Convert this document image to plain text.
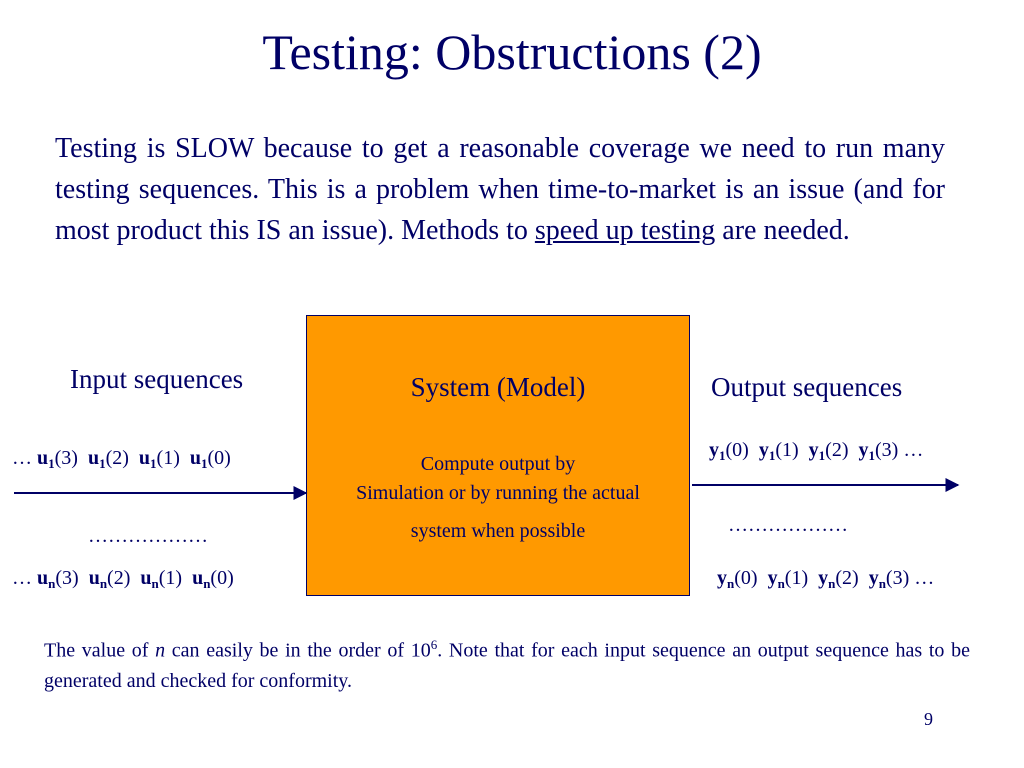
Testing: Obstructions (2)
Testing is SLOW because to get a reasonable coverage we need to run many testing sequences. This is a problem when time-to-market is an issue (and for most product this IS an issue). Methods to speed up testing are needed.
Input sequences	Output sequences
System (Model)
Compute output by
Simulation or by running the actual
system when possible
… $u_1(3)$ $u_1(2)$ $u_1(1)$ $u_1(0)$
… $u_n(3)$ $u_n(2)$ $u_n(1)$ $u_n(0)$
$y_1(0)$ $y_1(1)$ $y_1(2)$ $y_1(3)$ …
$y_n(0)$ $y_n(1)$ $y_n(2)$ $y_n(3)$ …
………………	………………
The value of n can easily be in the order of $10^6$. Note that for each input sequence an output sequence has to be generated and checked for conformity.
9
